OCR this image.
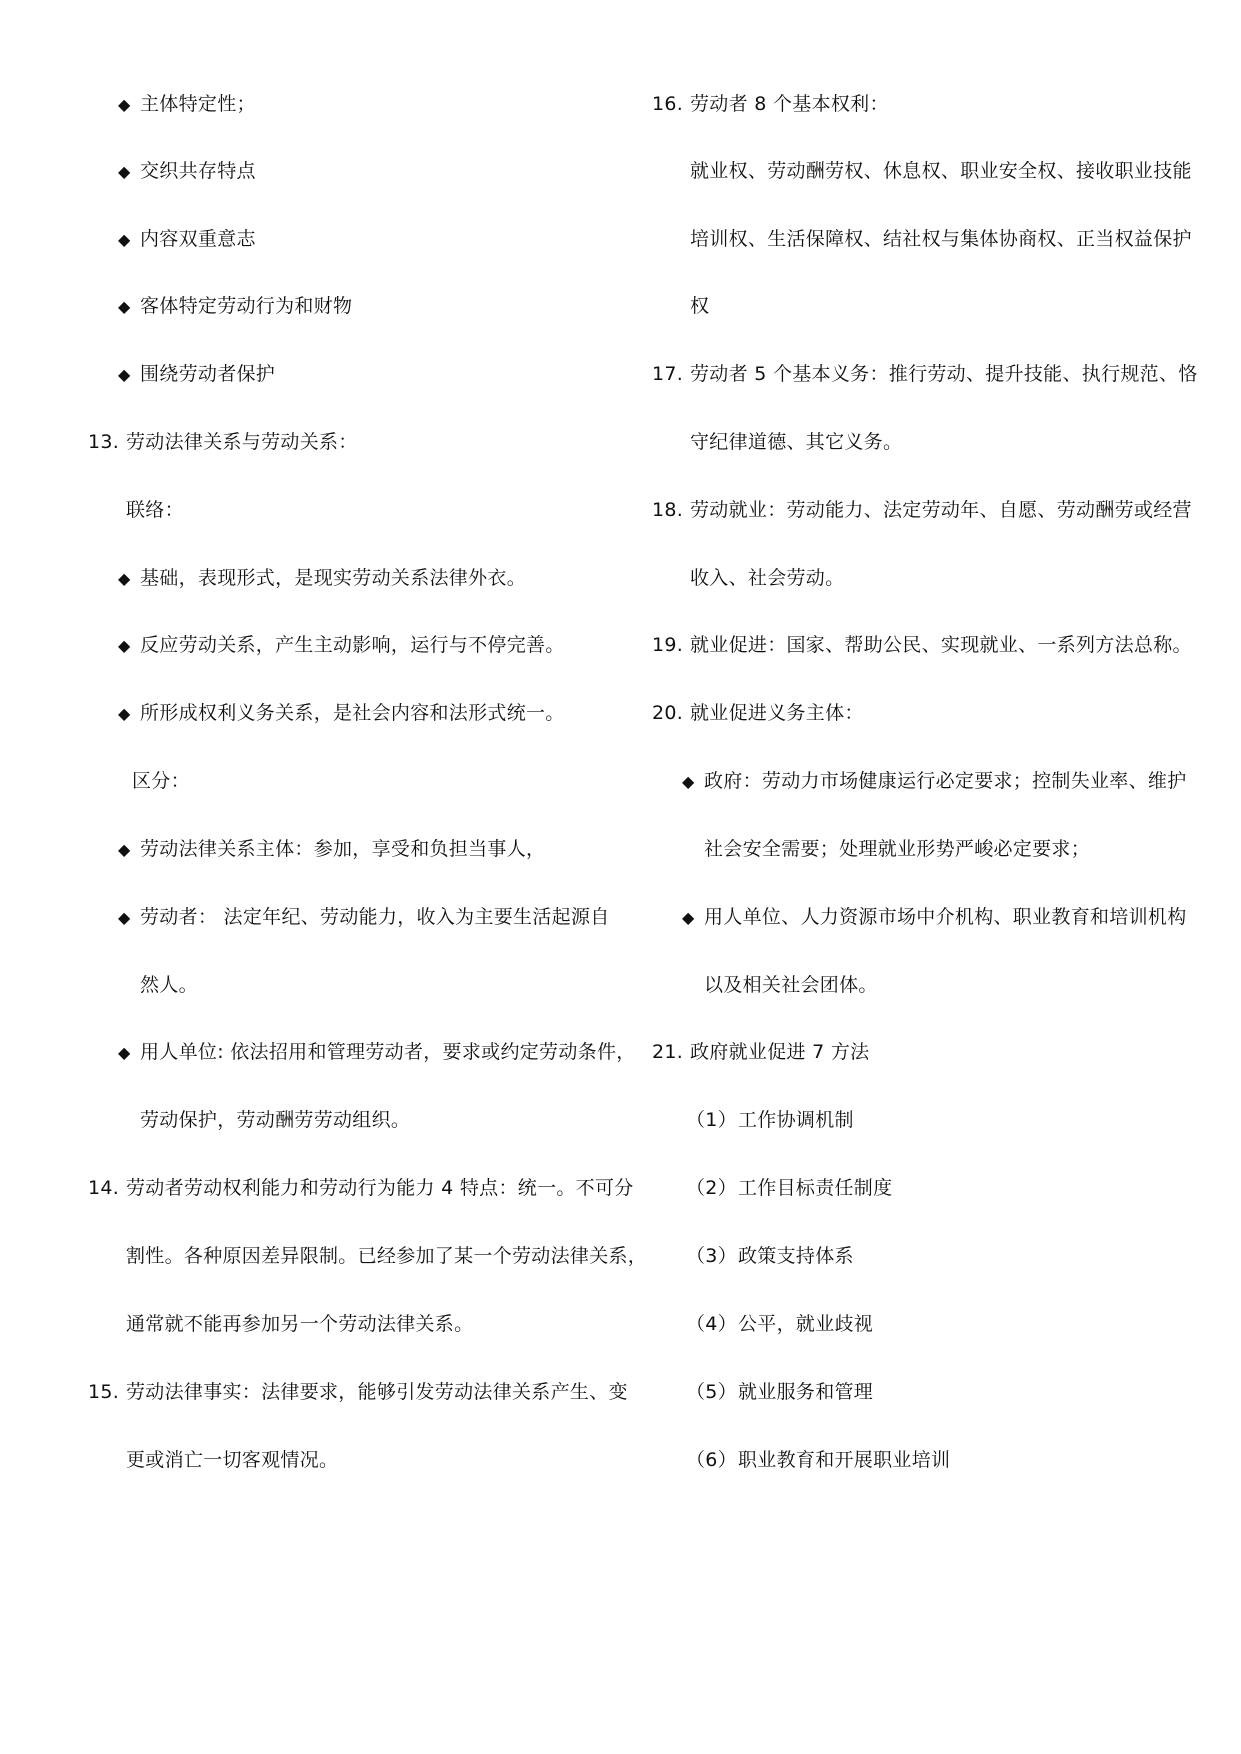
◆ 主体特定性；
◆ 交织共存特点
◆ 内容双重意志
◆ 客体特定劳动行为和财物
◆ 围绕劳动者保护
13. 劳动法律关系与劳动关系：
联络：
◆ 基础，表现形式，是现实劳动关系法律外衣。
◆ 反应劳动关系，产生主动影响，运行与不停完善。
◆ 所形成权利义务关系，是社会内容和法形式统一。
区分：
◆ 劳动法律关系主体：参加，享受和负担当事人，
◆ 劳动者： 法定年纪、劳动能力，收入为主要生活起源自
然人。
◆ 用人单位: 依法招用和管理劳动者，要求或约定劳动条件，
劳动保护，劳动酬劳劳动组织。
14. 劳动者劳动权利能力和劳动行为能力 4 特点：统一。不可分
割性。各种原因差异限制。已经参加了某一个劳动法律关系，
通常就不能再参加另一个劳动法律关系。
15. 劳动法律事实：法律要求，能够引发劳动法律关系产生、变
更或消亡一切客观情况。
16. 劳动者 8 个基本权利：
就业权、劳动酬劳权、休息权、职业安全权、接收职业技能
培训权、生活保障权、结社权与集体协商权、正当权益保护
权
17. 劳动者 5 个基本义务：推行劳动、提升技能、执行规范、恪
守纪律道德、其它义务。
18. 劳动就业：劳动能力、法定劳动年、自愿、劳动酬劳或经营
收入、社会劳动。
19. 就业促进：国家、帮助公民、实现就业、一系列方法总称。
20. 就业促进义务主体：
◆ 政府：劳动力市场健康运行必定要求；控制失业率、维护
社会安全需要；处理就业形势严峻必定要求；
◆ 用人单位、人力资源市场中介机构、职业教育和培训机构
以及相关社会团体。
21. 政府就业促进 7 方法
（1）工作协调机制
（2）工作目标责任制度
（3）政策支持体系
（4）公平，就业歧视
（5）就业服务和管理
（6）职业教育和开展职业培训
